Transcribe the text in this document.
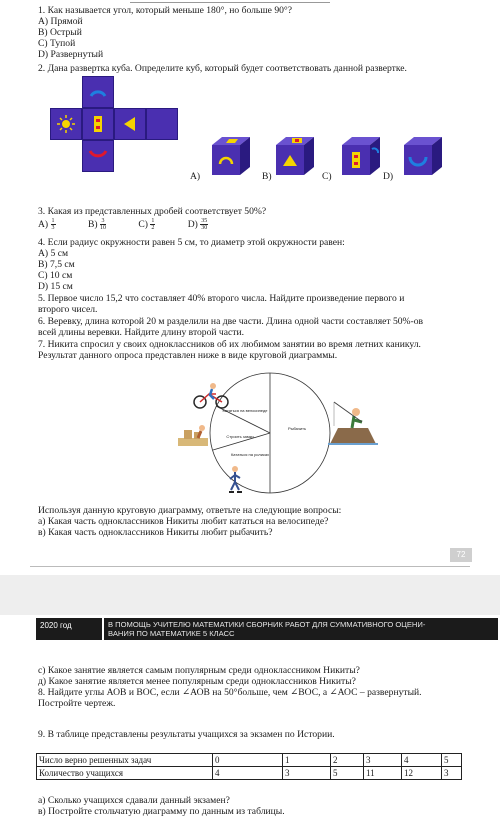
1. Как называется угол, который меньше 180°, но больше 90°?
А) Прямой
В) Острый
С) Тупой
D) Развернутый
2. Дана развертка куба. Определите куб, который будет соответствовать данной развертке.
А)	В)	С)	D)
3. Какая из представленных дробей соответствует 50%?
$А) \frac{1}{3}$	$В) \frac{3}{10}$	$С) \frac{1}{2}$	$D) \frac{35}{30}$
4. Если радиус окружности равен 5 см, то диаметр этой окружности равен:
А) 5 см
В) 7,5 см
С) 10 см
D) 15 см
5. Первое число 15,2 что составляет 40% второго числа. Найдите произведение первого и
второго чисел.
6. Веревку, длина которой 20 м разделили на две части. Длина одной части составляет 50%-ов
всей длины веревки. Найдите длину второй части.
7. Никита спросил у своих одноклассников об их любимом занятии во время летних каникул.
Результат данного опроса представлен ниже в виде круговой диаграммы.
Кататься на велосипеде
Строить замки
Кататься на роликах
Рыбачить
Используя данную круговую диаграмму, ответьте на следующие вопросы:
а) Какая часть одноклассников Никиты любит кататься на велосипеде?
в) Какая часть одноклассников Никиты любит рыбачить?
72
2020 год	В ПОМОЩЬ УЧИТЕЛЮ МАТЕМАТИКИ СБОРНИК РАБОТ ДЛЯ СУММАТИВНОГО ОЦЕНИ-
ВАНИЯ ПО МАТЕМАТИКЕ 5 КЛАСС
с) Какое занятие является самым популярным среди одноклассником Никиты?
д) Какое занятие является менее популярным среди одноклассников Никиты?
8. Найдите углы АОВ и ВОС, если ∠АОВ на 50°больше, чем ∠ВОС, а ∠АОС – развернутый.
Постройте чертеж.
9. В таблице представлены результаты учащихся за экзамен по Истории.
Число верно решенных задач	0	1	2	3	4	5
Количество учащихся	4	3	5	11	12	3
а) Сколько учащихся сдавали данный экзамен?
в) Постройте стольчатую диаграмму по данным из таблицы.
